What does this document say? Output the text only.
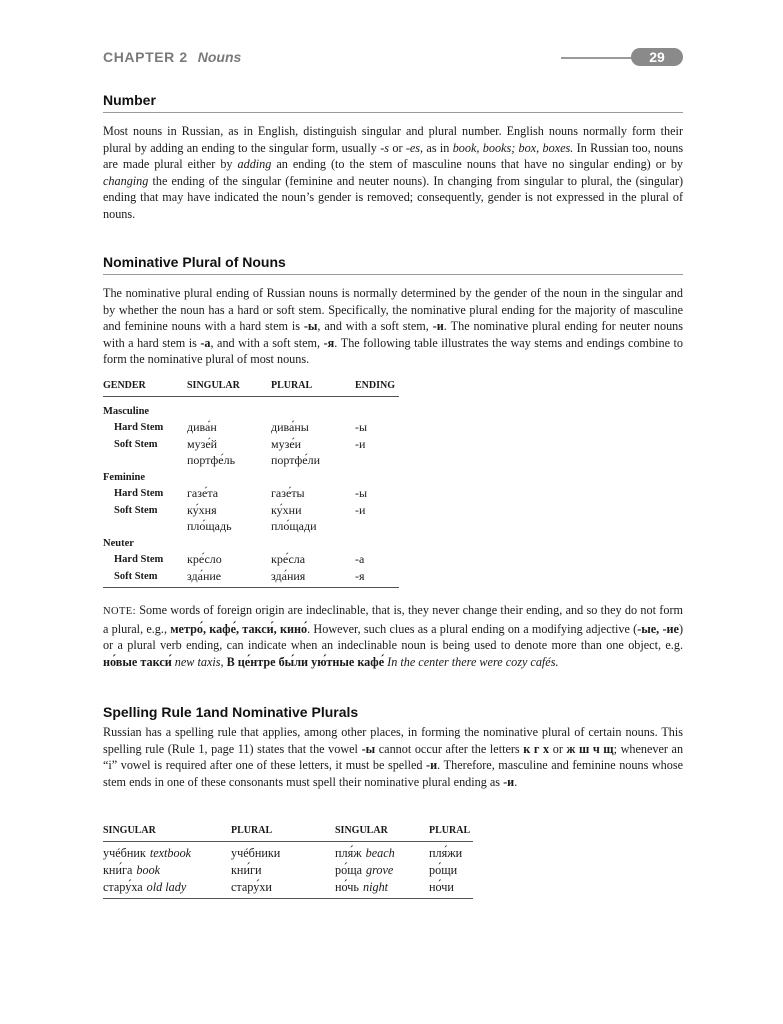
CHAPTER 2 Nouns	29
Number

Most nouns in Russian, as in English, distinguish singular and plural number. English nouns normally form their plural by adding an ending to the singular form, usually -s or -es, as in book, books; box, boxes. In Russian too, nouns are made plural either by adding an ending (to the stem of masculine nouns that have no singular ending) or by changing the ending of the singular (feminine and neuter nouns). In changing from singular to plural, the (singular) ending that may have indicated the noun’s gender is removed; consequently, gender is not expressed in the plural of nouns.

Nominative Plural of Nouns

The nominative plural ending of Russian nouns is normally determined by the gender of the noun in the singular and by whether the noun has a hard or soft stem. Specifically, the nominative plural ending for the majority of masculine and feminine nouns with a hard stem is -ы, and with a soft stem, -и. The nominative plural ending for neuter nouns with a hard stem is -а, and with a soft stem, -я. The following table illustrates the way stems and endings combine to form the nominative plural of most nouns.

GENDER	SINGULAR	PLURAL	ENDING
Masculine			
Hard Stem	дива́н	дива́ны	-ы
Soft Stem	музе́й	музе́и	-и
	портфе́ль	портфе́ли	
Feminine			
Hard Stem	газе́та	газе́ты	-ы
Soft Stem	ку́хня	ку́хни	-и
	пло́щадь	пло́щади	
Neuter			
Hard Stem	кре́сло	кре́сла	-а
Soft Stem	зда́ние	зда́ния	-я

NOTE: Some words of foreign origin are indeclinable, that is, they never change their ending, and so they do not form a plural, e.g., метро́, кафе́, такси́, кино́. However, such clues as a plural ending on a modifying adjective (-ые, -ие) or a plural verb ending, can indicate when an indeclinable noun is being used to denote more than one object, e.g. но́вые такси́ new taxis, В це́нтре бы́ли ую́тные кафе́ In the center there were cozy cafés.

Spelling Rule 1and Nominative Plurals

Russian has a spelling rule that applies, among other places, in forming the nominative plural of certain nouns. This spelling rule (Rule 1, page 11) states that the vowel -ы cannot occur after the letters к г х or ж ш ч щ; whenever an “i” vowel is required after one of these letters, it must be spelled -и. Therefore, masculine and feminine nouns whose stem ends in one of these consonants must spell their nominative plural ending as -и.

SINGULAR	PLURAL	SINGULAR	PLURAL
учéбник textbook	учéбники	пля́ж beach	пля́жи
кни́га book	кни́ги	ро́ща grove	ро́щи
стару́ха old lady	стару́хи	но́чь night	но́чи
